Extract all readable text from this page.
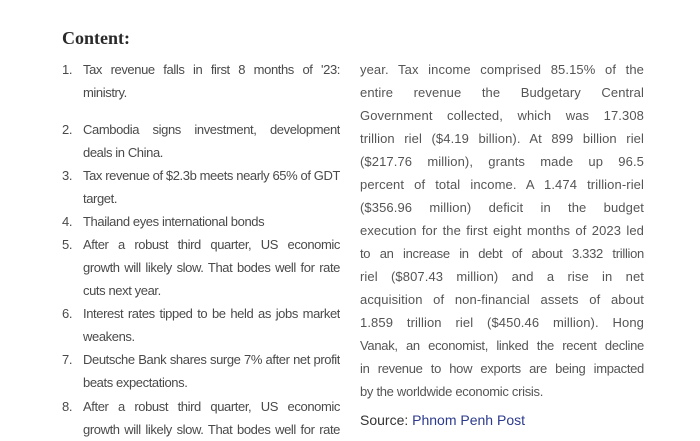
Content:
1. Tax revenue falls in first 8 months of '23:
ministry.
2. Cambodia signs investment, development
deals in China.
3. Tax revenue of $2.3b meets nearly 65% of GDT
target.
4. Thailand eyes international bonds
5. After a robust third quarter, US economic
growth will likely slow. That bodes well for rate
cuts next year.
6. Interest rates tipped to be held as jobs market
weakens.
7. Deutsche Bank shares surge 7% after net profit
beats expectations.
8. After a robust third quarter, US economic
growth will likely slow. That bodes well for rate
year. Tax income comprised 85.15% of the
entire revenue the Budgetary Central
Government collected, which was 17.308
trillion riel ($4.19 billion). At 899 billion riel
($217.76 million), grants made up 96.5
percent of total income. A 1.474 trillion-riel
($356.96 million) deficit in the budget
execution for the first eight months of 2023 led
to an increase in debt of about 3.332 trillion
riel ($807.43 million) and a rise in net
acquisition of non-financial assets of about
1.859 trillion riel ($450.46 million). Hong
Vanak, an economist, linked the recent decline
in revenue to how exports are being impacted
by the worldwide economic crisis.
Source: Phnom Penh Post
